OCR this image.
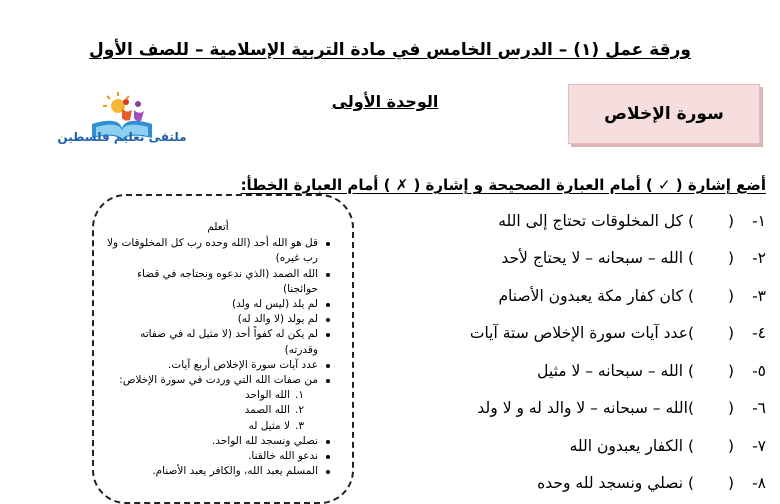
ورقة عمل (١) – الدرس الخامس في مادة التربية الإسلامية – للصف الأول
سورة الإخلاص
الوحدة الأولى
ملتقى تعليم فلسطين
أضع إشارة ( ✓ ) أمام العبارة الصحيحة و إشارة ( ✗ ) أمام العبارة الخطأ:
١-
(
) كل المخلوقات تحتاج إلى الله
٢-
(
) الله – سبحانه – لا يحتاج لأحد
٣-
(
) كان كفار مكة يعبدون الأصنام
٤-
(
)عدد آيات سورة الإخلاص ستة آيات
٥-
(
) الله – سبحانه – لا مثيل
٦-
(
)الله – سبحانه – لا والد له و لا ولد
٧-
(
) الكفار يعبدون الله
٨-
(
) نصلي ونسجد لله وحده
أتعلم
قل هو الله أحد (الله وحده رب كل المخلوقات ولا رب غيره)
الله الصمد (الذي ندعوه ونحتاجه في قضاء حوائجنا)
لم يلد (ليس له ولد)
لم يولد (لا والد له)
لم يكن له كفواً أحد (لا مثيل له في صفاته وقدرته)
عدد آيات سورة الإخلاص أربع آيات.
من صفات الله التي وردت في سورة الإخلاص:
١.الله الواحد
٢.الله الصمد
٣.لا مثيل له
نصلي ونسجد لله الواحد.
ندعو الله خالقنا.
المسلم يعبد الله، والكافر يعبد الأصنام.
